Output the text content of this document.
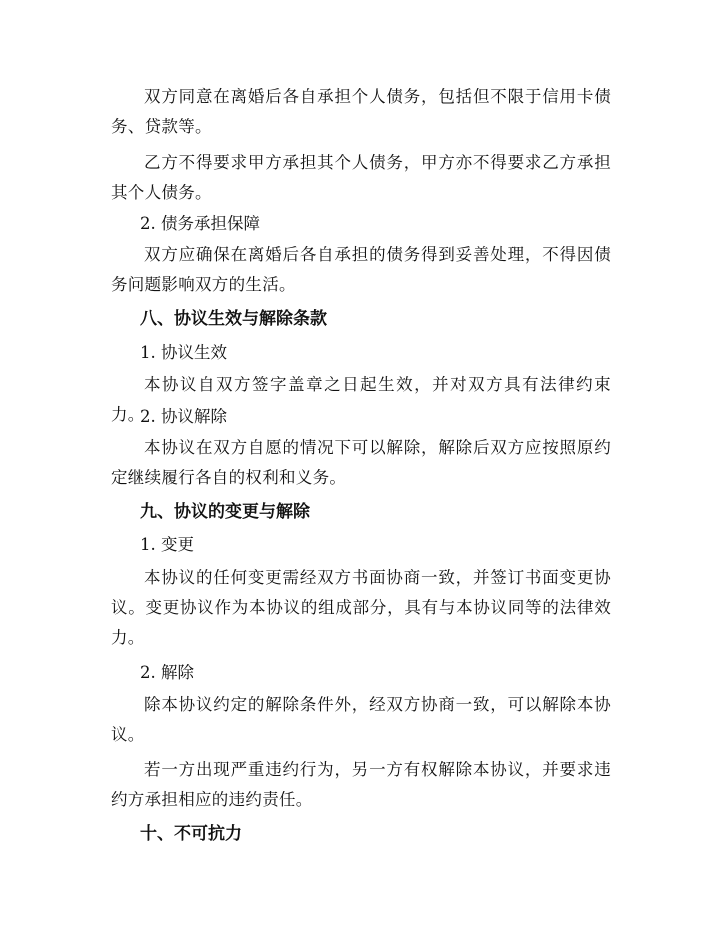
双方同意在离婚后各自承担个人债务，包括但不限于信用卡债务、贷款等。

乙方不得要求甲方承担其个人债务，甲方亦不得要求乙方承担其个人债务。

2. 债务承担保障

双方应确保在离婚后各自承担的债务得到妥善处理，不得因债务问题影响双方的生活。

八、协议生效与解除条款

1. 协议生效

本协议自双方签字盖章之日起生效，并对双方具有法律约束力。

2. 协议解除

本协议在双方自愿的情况下可以解除，解除后双方应按照原约定继续履行各自的权利和义务。

九、协议的变更与解除

1. 变更

本协议的任何变更需经双方书面协商一致，并签订书面变更协议。变更协议作为本协议的组成部分，具有与本协议同等的法律效力。

2. 解除

除本协议约定的解除条件外，经双方协商一致，可以解除本协议。

若一方出现严重违约行为，另一方有权解除本协议，并要求违约方承担相应的违约责任。

十、不可抗力
